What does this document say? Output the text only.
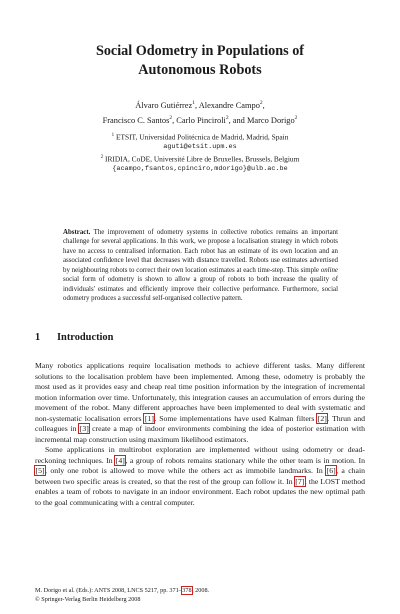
Social Odometry in Populations of
Autonomous Robots
Álvaro Gutiérrez$^1$, Alexandre Campo$^2$,
Francisco C. Santos$^2$, Carlo Pinciroli$^2$, and Marco Dorigo$^2$
$^1$ ETSIT, Universidad Politécnica de Madrid, Madrid, Spain
aguti@etsit.upm.es
$^2$ IRIDIA, CoDE, Université Libre de Bruxelles, Brussels, Belgium
{acampo,fsantos,cpinciro,mdorigo}@ulb.ac.be
Abstract. The improvement of odometry systems in collective robotics remains an important challenge for several applications. In this work, we propose a localisation strategy in which robots have no access to centralised information. Each robot has an estimate of its own location and an associated confidence level that decreases with distance travelled. Robots use estimates advertised by neighbouring robots to correct their own location estimates at each time-step. This simple online social form of odometry is shown to allow a group of robots to both increase the quality of individuals' estimates and efficiently improve their collective performance. Furthermore, social odometry produces a successful self-organised collective pattern.
1 Introduction

Many robotics applications require localisation methods to achieve different tasks. Many different solutions to the localisation problem have been implemented. Among these, odometry is probably the most used as it provides easy and cheap real time position information by the integration of incremental motion information over time. Unfortunately, this integration causes an accumulation of errors during the movement of the robot. Many different approaches have been implemented to deal with systematic and non-systematic localisation errors [1]. Some implementations have used Kalman filters [2]. Thrun and colleagues in [3] create a map of indoor environments combining the idea of posterior estimation with incremental map construction using maximum likelihood estimators.

Some applications in multirobot exploration are implemented without using odometry or dead-reckoning techniques. In [4], a group of robots remains stationary while the other team is in motion. In [5], only one robot is allowed to move while the others act as immobile landmarks. In [6], a chain between two specific areas is created, so that the rest of the group can follow it. In [7], the LOST method enables a team of robots to navigate in an indoor environment. Each robot updates the new optimal path to the goal communicating with a central computer.

M. Dorigo et al. (Eds.): ANTS 2008, LNCS 5217, pp. 371–378, 2008.
© Springer-Verlag Berlin Heidelberg 2008
